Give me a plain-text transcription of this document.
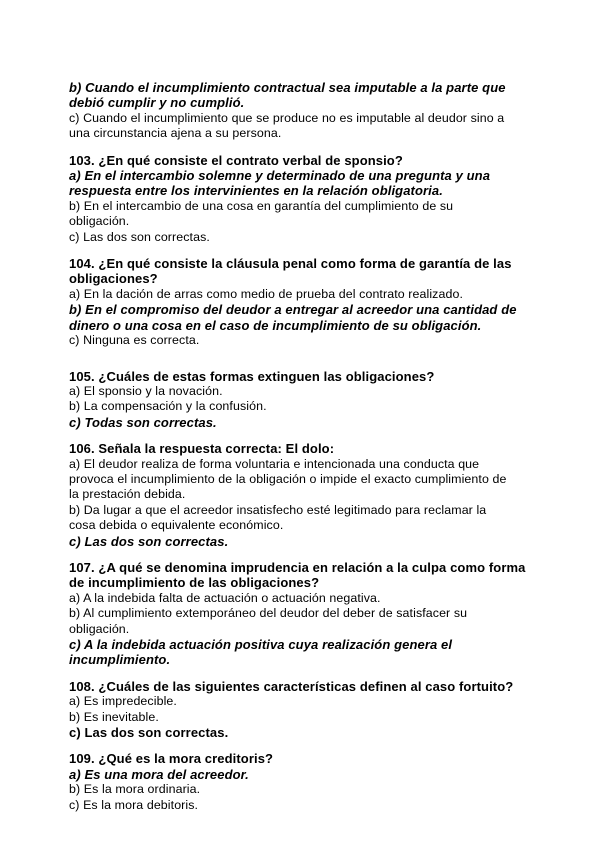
b) Cuando el incumplimiento contractual sea imputable a la parte que
debió cumplir y no cumplió.
c) Cuando el incumplimiento que se produce no es imputable al deudor sino a
una circunstancia ajena a su persona.
103. ¿En qué consiste el contrato verbal de sponsio?
a) En el intercambio solemne y determinado de una pregunta y una
respuesta entre los intervinientes en la relación obligatoria.
b) En el intercambio de una cosa en garantía del cumplimiento de su
obligación.
c) Las dos son correctas.
104. ¿En qué consiste la cláusula penal como forma de garantía de las
obligaciones?
a) En la dación de arras como medio de prueba del contrato realizado.
b) En el compromiso del deudor a entregar al acreedor una cantidad de
dinero o una cosa en el caso de incumplimiento de su obligación.
c) Ninguna es correcta.
105. ¿Cuáles de estas formas extinguen las obligaciones?
a) El sponsio y la novación.
b) La compensación y la confusión.
c) Todas son correctas.
106. Señala la respuesta correcta: El dolo:
a) El deudor realiza de forma voluntaria e intencionada una conducta que
provoca el incumplimiento de la obligación o impide el exacto cumplimiento de
la prestación debida.
b) Da lugar a que el acreedor insatisfecho esté legitimado para reclamar la
cosa debida o equivalente económico.
c) Las dos son correctas.
107. ¿A qué se denomina imprudencia en relación a la culpa como forma
de incumplimiento de las obligaciones?
a) A la indebida falta de actuación o actuación negativa.
b) Al cumplimiento extemporáneo del deudor del deber de satisfacer su
obligación.
c) A la indebida actuación positiva cuya realización genera el
incumplimiento.
108. ¿Cuáles de las siguientes características definen al caso fortuito?
a) Es impredecible.
b) Es inevitable.
c) Las dos son correctas.
109. ¿Qué es la mora creditoris?
a) Es una mora del acreedor.
b) Es la mora ordinaria.
c) Es la mora debitoris.
